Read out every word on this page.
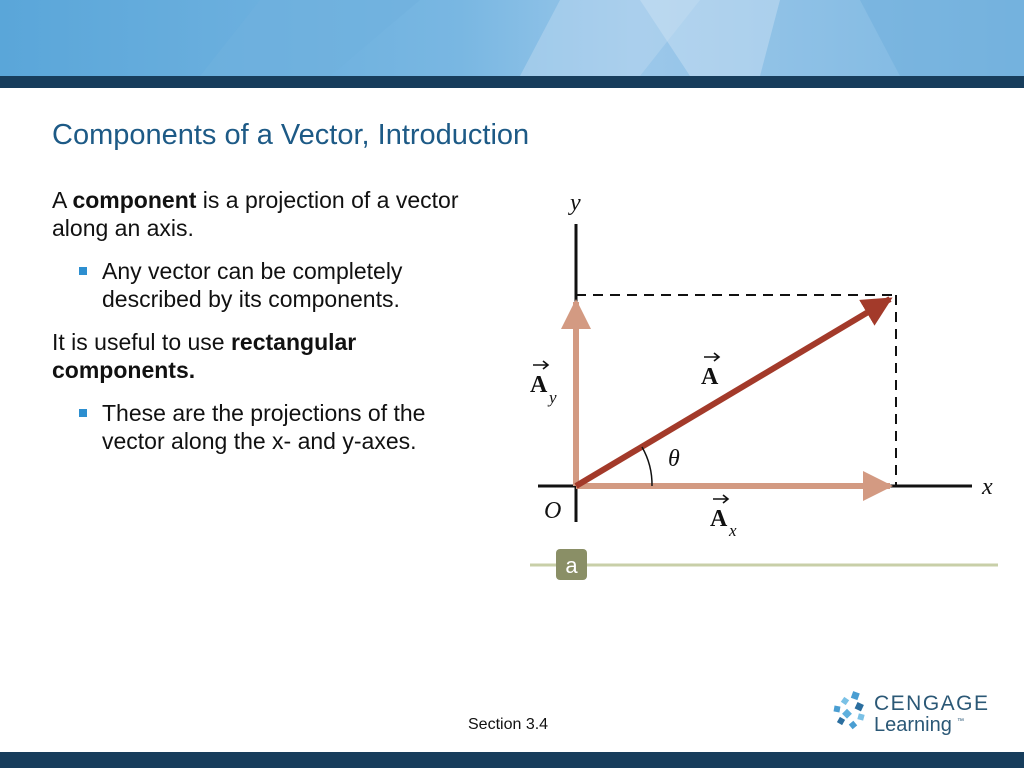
Components of a Vector, Introduction

A component is a projection of a vector along an axis.

Any vector can be completely described by its components.

It is useful to use rectangular components.

These are the projections of the vector along the x- and y-axes.
y
x
O
θ
A
A y
A x
a
Section 3.4
CENGAGE
Learning ™
